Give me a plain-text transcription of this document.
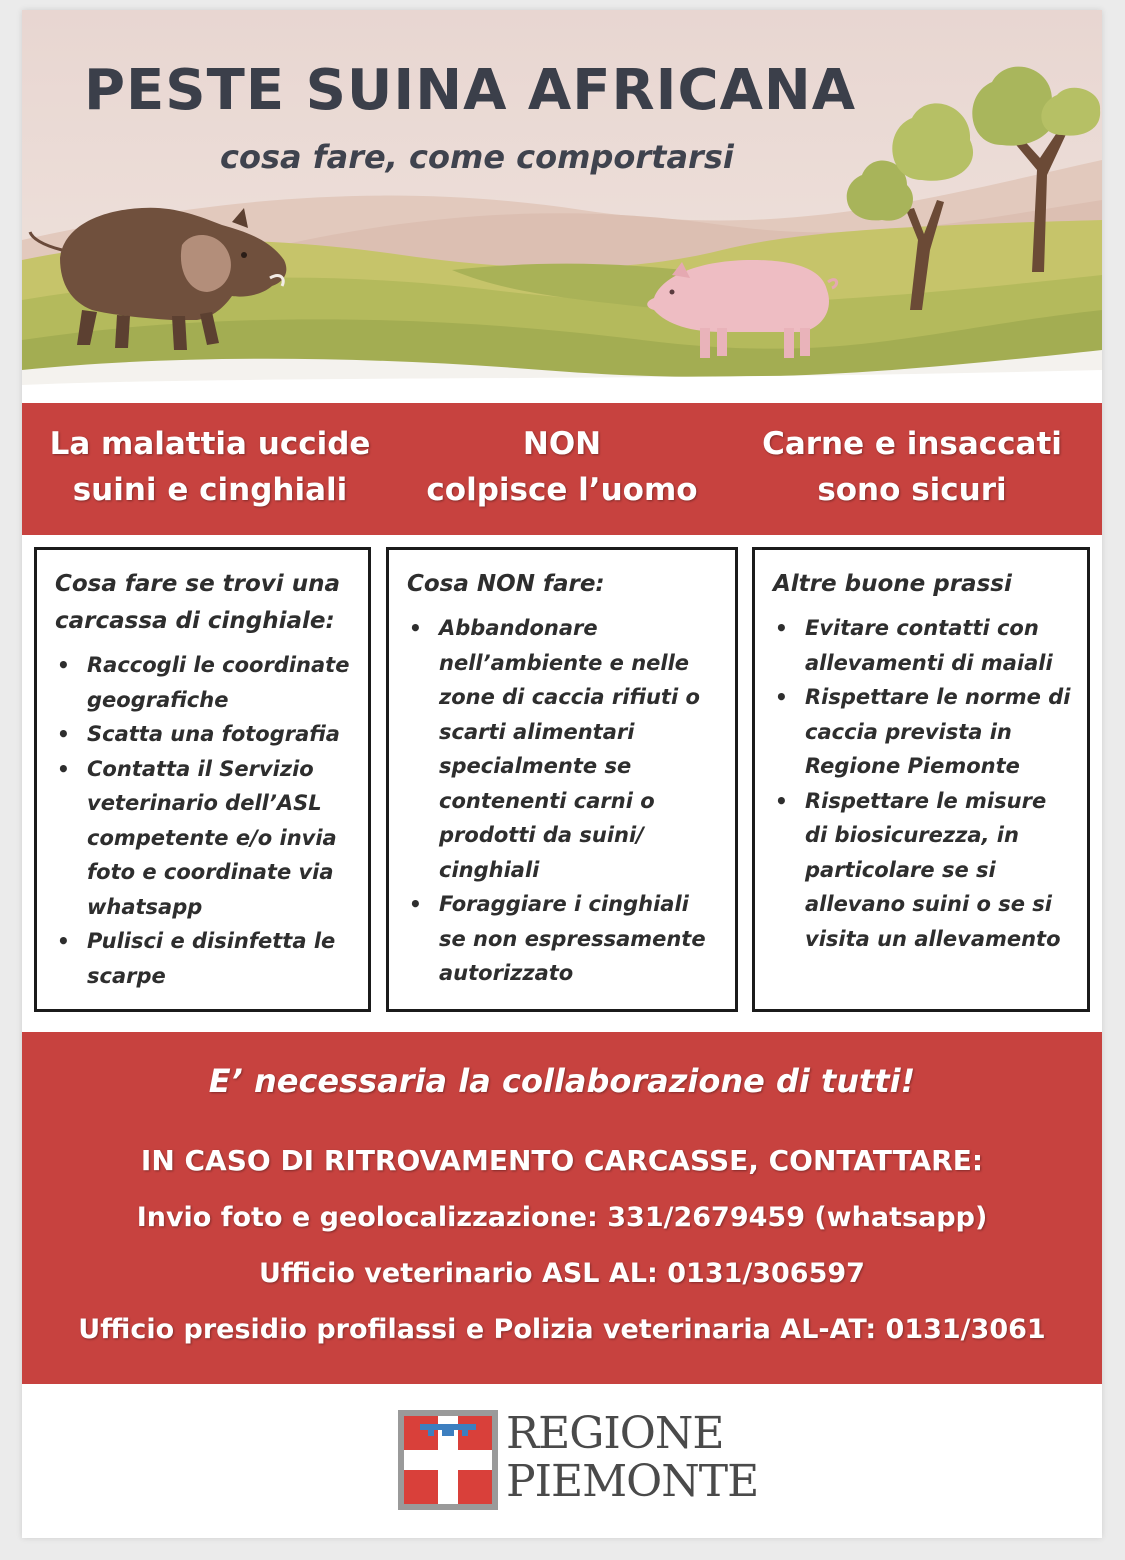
PESTE SUINA AFRICANA
cosa fare, come comportarsi
La malattia uccide
suini e cinghiali
NON
colpisce l’uomo
Carne e insaccati
sono sicuri

Cosa fare se trovi una carcassa di cinghiale:

• Raccogli le coordinate geografiche
• Scatta una fotografia
• Contatta il Servizio veterinario dell’ASL competente e/o invia foto e coordinate via whatsapp
• Pulisci e disinfetta le scarpe

Cosa NON fare:

• Abbandonare nell’ambiente e nelle zone di caccia rifiuti o scarti alimentari specialmente se contenenti carni o prodotti da suini/ cinghiali
• Foraggiare i cinghiali se non espressamente autorizzato

Altre buone prassi

• Evitare contatti con allevamenti di maiali
• Rispettare le norme di caccia prevista in Regione Piemonte
• Rispettare le misure di biosicurezza, in particolare se si allevano suini o se si visita un allevamento
E’ necessaria la collaborazione di tutti!
IN CASO DI RITROVAMENTO CARCASSE, CONTATTARE:
Invio foto e geolocalizzazione: 331/2679459 (whatsapp)
Ufficio veterinario ASL AL: 0131/306597
Ufficio presidio profilassi e Polizia veterinaria AL-AT: 0131/3061
REGIONE
PIEMONTE
